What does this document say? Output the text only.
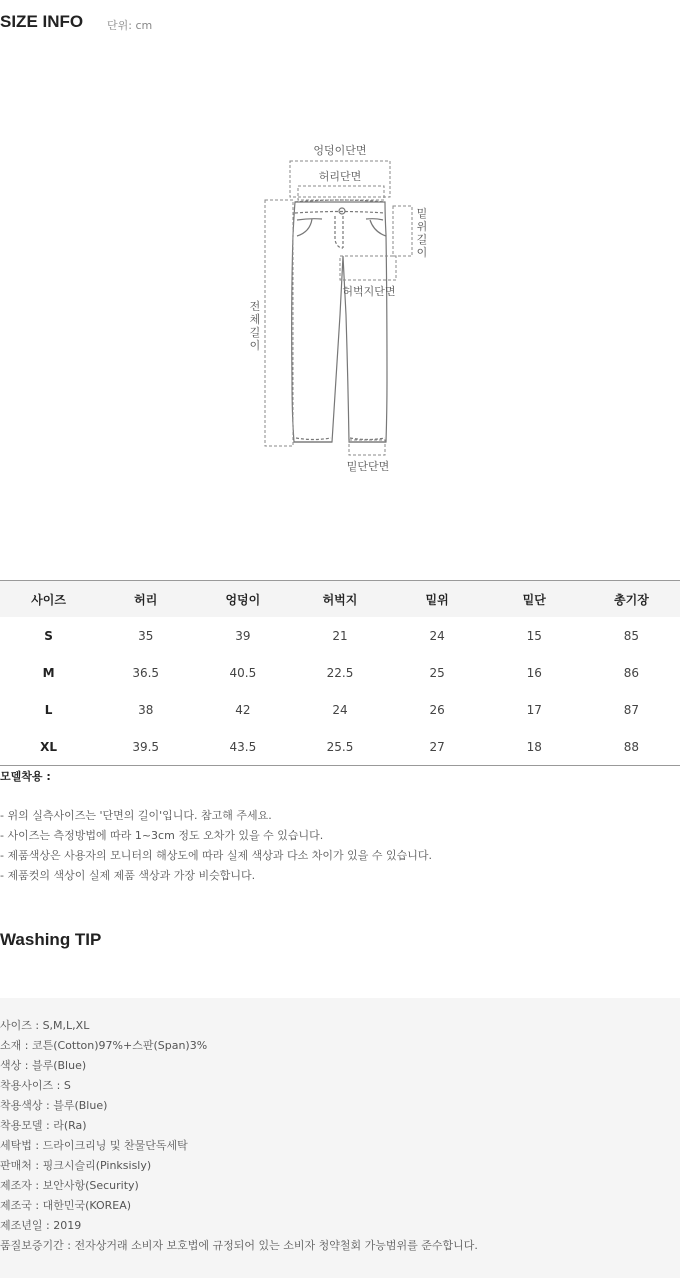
SIZE INFO 단위: cm
엉덩이단면
허리단면
밑
위
길
이
허벅지단면
전
체
길
이
밑단단면
사이즈	허리	엉덩이	허벅지	밑위	밑단	총기장
S	35	39	21	24	15	85
M	36.5	40.5	22.5	25	16	86
L	38	42	24	26	17	87
XL	39.5	43.5	25.5	27	18	88
모델착용 :
- 위의 실측사이즈는 '단면의 길이'입니다. 참고해 주세요.
- 사이즈는 측정방법에 따라 1~3cm 정도 오차가 있을 수 있습니다.
- 제품색상은 사용자의 모니터의 해상도에 따라 실제 색상과 다소 차이가 있을 수 있습니다.
- 제품컷의 색상이 실제 제품 색상과 가장 비슷합니다.
Washing TIP
사이즈 : S,M,L,XL
소재 : 코튼(Cotton)97%+스판(Span)3%
색상 : 블루(Blue)
착용사이즈 : S
착용색상 : 블루(Blue)
착용모델 : 라(Ra)
세탁법 : 드라이크리닝 및 찬물단독세탁
판매처 : 핑크시슬리(Pinksisly)
제조자 : 보안사항(Security)
제조국 : 대한민국(KOREA)
제조년일 : 2019
품질보증기간 : 전자상거래 소비자 보호법에 규정되어 있는 소비자 청약철회 가능범위를 준수합니다.
